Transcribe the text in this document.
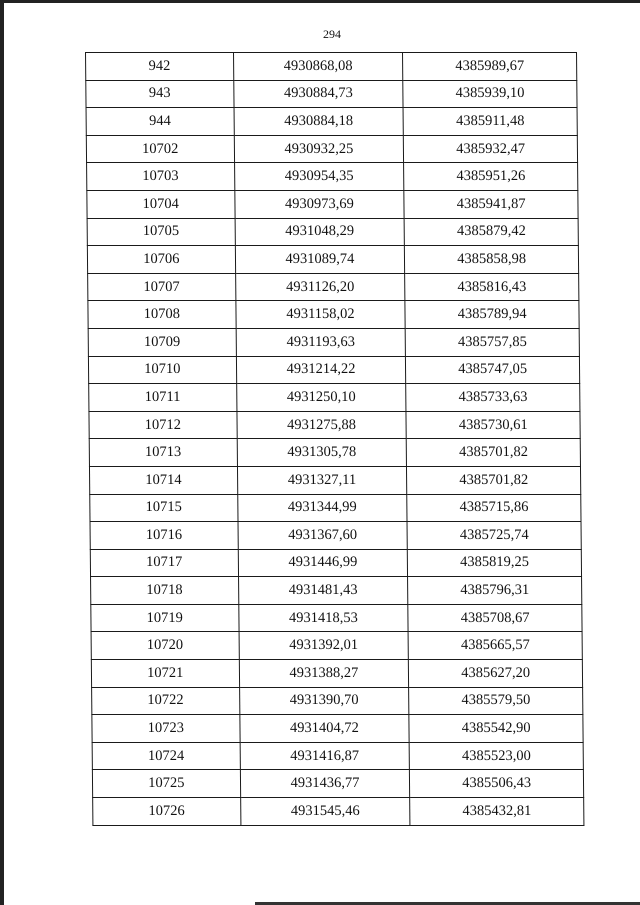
294
942	4930868,08	4385989,67
943	4930884,73	4385939,10
944	4930884,18	4385911,48
10702	4930932,25	4385932,47
10703	4930954,35	4385951,26
10704	4930973,69	4385941,87
10705	4931048,29	4385879,42
10706	4931089,74	4385858,98
10707	4931126,20	4385816,43
10708	4931158,02	4385789,94
10709	4931193,63	4385757,85
10710	4931214,22	4385747,05
10711	4931250,10	4385733,63
10712	4931275,88	4385730,61
10713	4931305,78	4385701,82
10714	4931327,11	4385701,82
10715	4931344,99	4385715,86
10716	4931367,60	4385725,74
10717	4931446,99	4385819,25
10718	4931481,43	4385796,31
10719	4931418,53	4385708,67
10720	4931392,01	4385665,57
10721	4931388,27	4385627,20
10722	4931390,70	4385579,50
10723	4931404,72	4385542,90
10724	4931416,87	4385523,00
10725	4931436,77	4385506,43
10726	4931545,46	4385432,81
